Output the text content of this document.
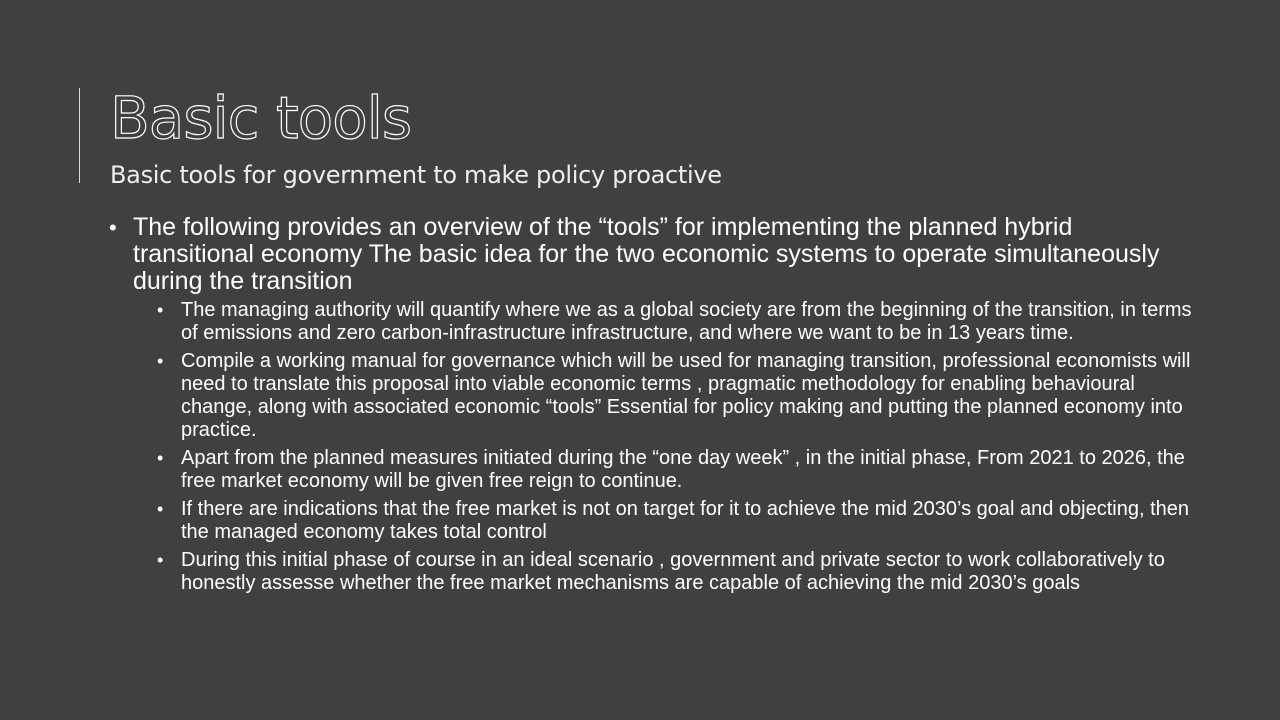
Basic tools
Basic tools for government to make policy proactive
• The following provides an overview of the “tools” for implementing the planned hybrid transitional economy The basic idea for the two economic systems to operate simultaneously during the transition
• The managing authority will quantify where we as a global society are from the beginning of the transition, in terms of emissions and zero carbon-infrastructure infrastructure, and where we want to be in 13 years time.
• Compile a working manual for governance which will be used for managing transition, professional economists will need to translate this proposal into viable economic terms , pragmatic methodology for enabling behavioural change, along with associated economic “tools” Essential for policy making and putting the planned economy into practice.
• Apart from the planned measures initiated during the “one day week” , in the initial phase, From 2021 to 2026, the free market economy will be given free reign to continue.
• If there are indications that the free market is not on target for it to achieve the mid 2030’s goal and objecting, then the managed economy takes total control
• During this initial phase of course in an ideal scenario , government and private sector to work collaboratively to honestly assesse whether the free market mechanisms are capable of achieving the mid 2030’s goals
